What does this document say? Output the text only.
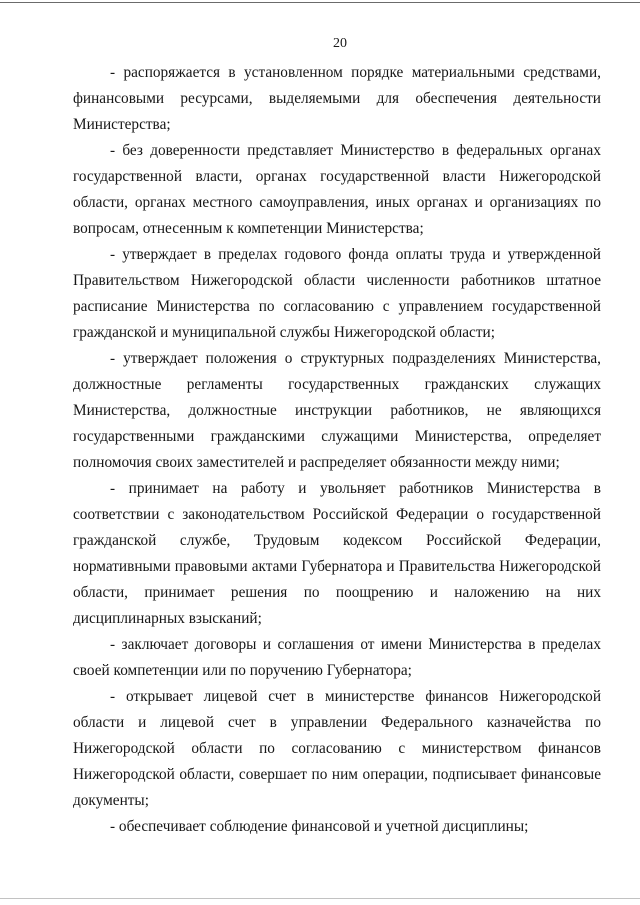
20

- распоряжается в установленном порядке материальными средствами, финансовыми ресурсами, выделяемыми для обеспечения деятельности Министерства;

- без доверенности представляет Министерство в федеральных органах государственной власти, органах государственной власти Нижегородской области, органах местного самоуправления, иных органах и организациях по вопросам, отнесенным к компетенции Министерства;

- утверждает в пределах годового фонда оплаты труда и утвержденной Правительством Нижегородской области численности работников штатное расписание Министерства по согласованию с управлением государственной гражданской и муниципальной службы Нижегородской области;

- утверждает положения о структурных подразделениях Министерства, должностные регламенты государственных гражданских служащих Министерства, должностные инструкции работников, не являющихся государственными гражданскими служащими Министерства, определяет полномочия своих заместителей и распределяет обязанности между ними;

- принимает на работу и увольняет работников Министерства в соответствии с законодательством Российской Федерации о государственной гражданской службе, Трудовым кодексом Российской Федерации, нормативными правовыми актами Губернатора и Правительства Нижегородской области, принимает решения по поощрению и наложению на них дисциплинарных взысканий;

- заключает договоры и соглашения от имени Министерства в пределах своей компетенции или по поручению Губернатора;

- открывает лицевой счет в министерстве финансов Нижегородской области и лицевой счет в управлении Федерального казначейства по Нижегородской области по согласованию с министерством финансов Нижегородской области, совершает по ним операции, подписывает финансовые документы;

- обеспечивает соблюдение финансовой и учетной дисциплины;
